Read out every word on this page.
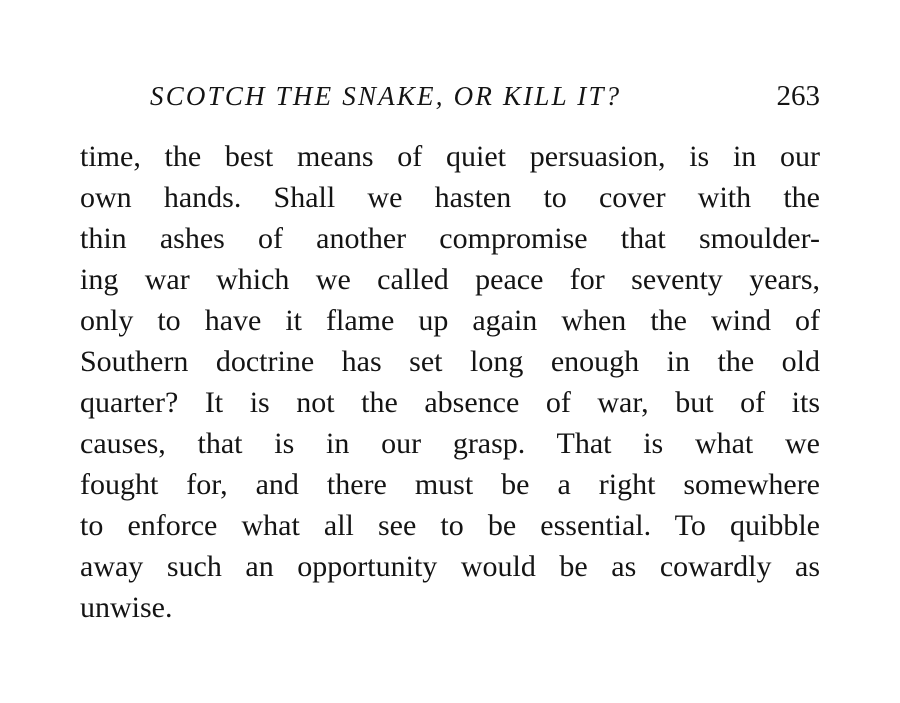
SCOTCH THE SNAKE, OR KILL IT?	263
time, the best means of quiet persuasion, is in our
own hands. Shall we hasten to cover with the
thin ashes of another compromise that smoulder-
ing war which we called peace for seventy years,
only to have it flame up again when the wind of
Southern doctrine has set long enough in the old
quarter? It is not the absence of war, but of its
causes, that is in our grasp. That is what we
fought for, and there must be a right somewhere
to enforce what all see to be essential. To quibble
away such an opportunity would be as cowardly as
unwise.
